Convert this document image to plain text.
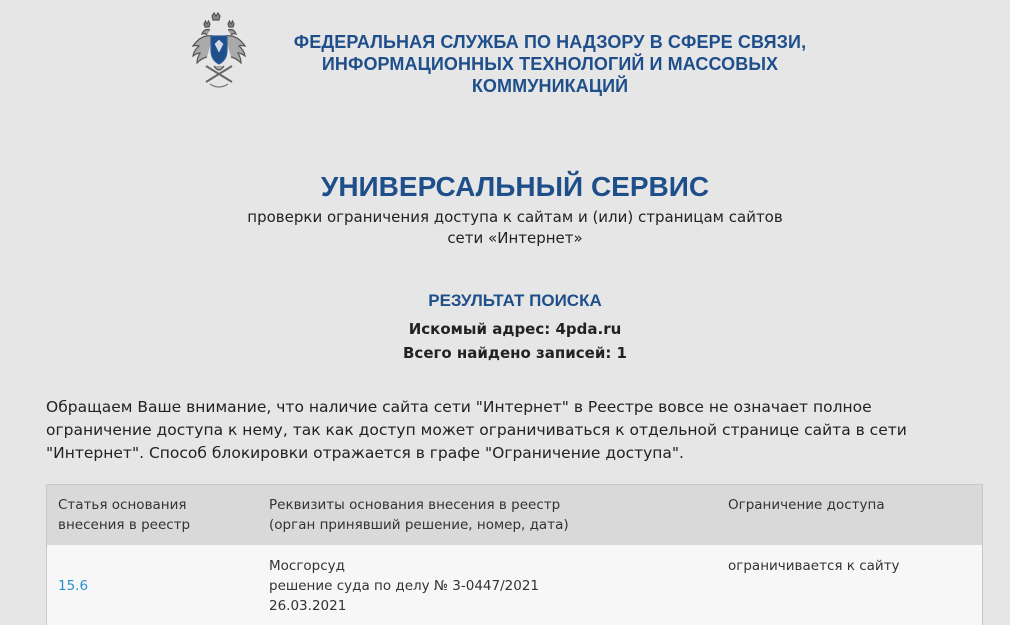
ФЕДЕРАЛЬНАЯ СЛУЖБА ПО НАДЗОРУ В СФЕРЕ СВЯЗИ,
ИНФОРМАЦИОННЫХ ТЕХНОЛОГИЙ И МАССОВЫХ КОММУНИКАЦИЙ
УНИВЕРСАЛЬНЫЙ СЕРВИС
проверки ограничения доступа к сайтам и (или) страницам сайтов
сети «Интернет»
РЕЗУЛЬТАТ ПОИСКА
Искомый адрес: 4pda.ru
Всего найдено записей: 1
Обращаем Ваше внимание, что наличие сайта сети "Интернет" в Реестре вовсе не означает полное ограничение доступа к нему, так как доступ может ограничиваться к отдельной странице сайта в сети "Интернет". Способ блокировки отражается в графе "Ограничение доступа".
Статья основания
внесения в реестр
Реквизиты основания внесения в реестр
(орган принявший решение, номер, дата)
Ограничение доступа

15.6

Мосгорсуд
решение суда по делу № 3-0447/2021
26.03.2021
ограничивается к сайту
